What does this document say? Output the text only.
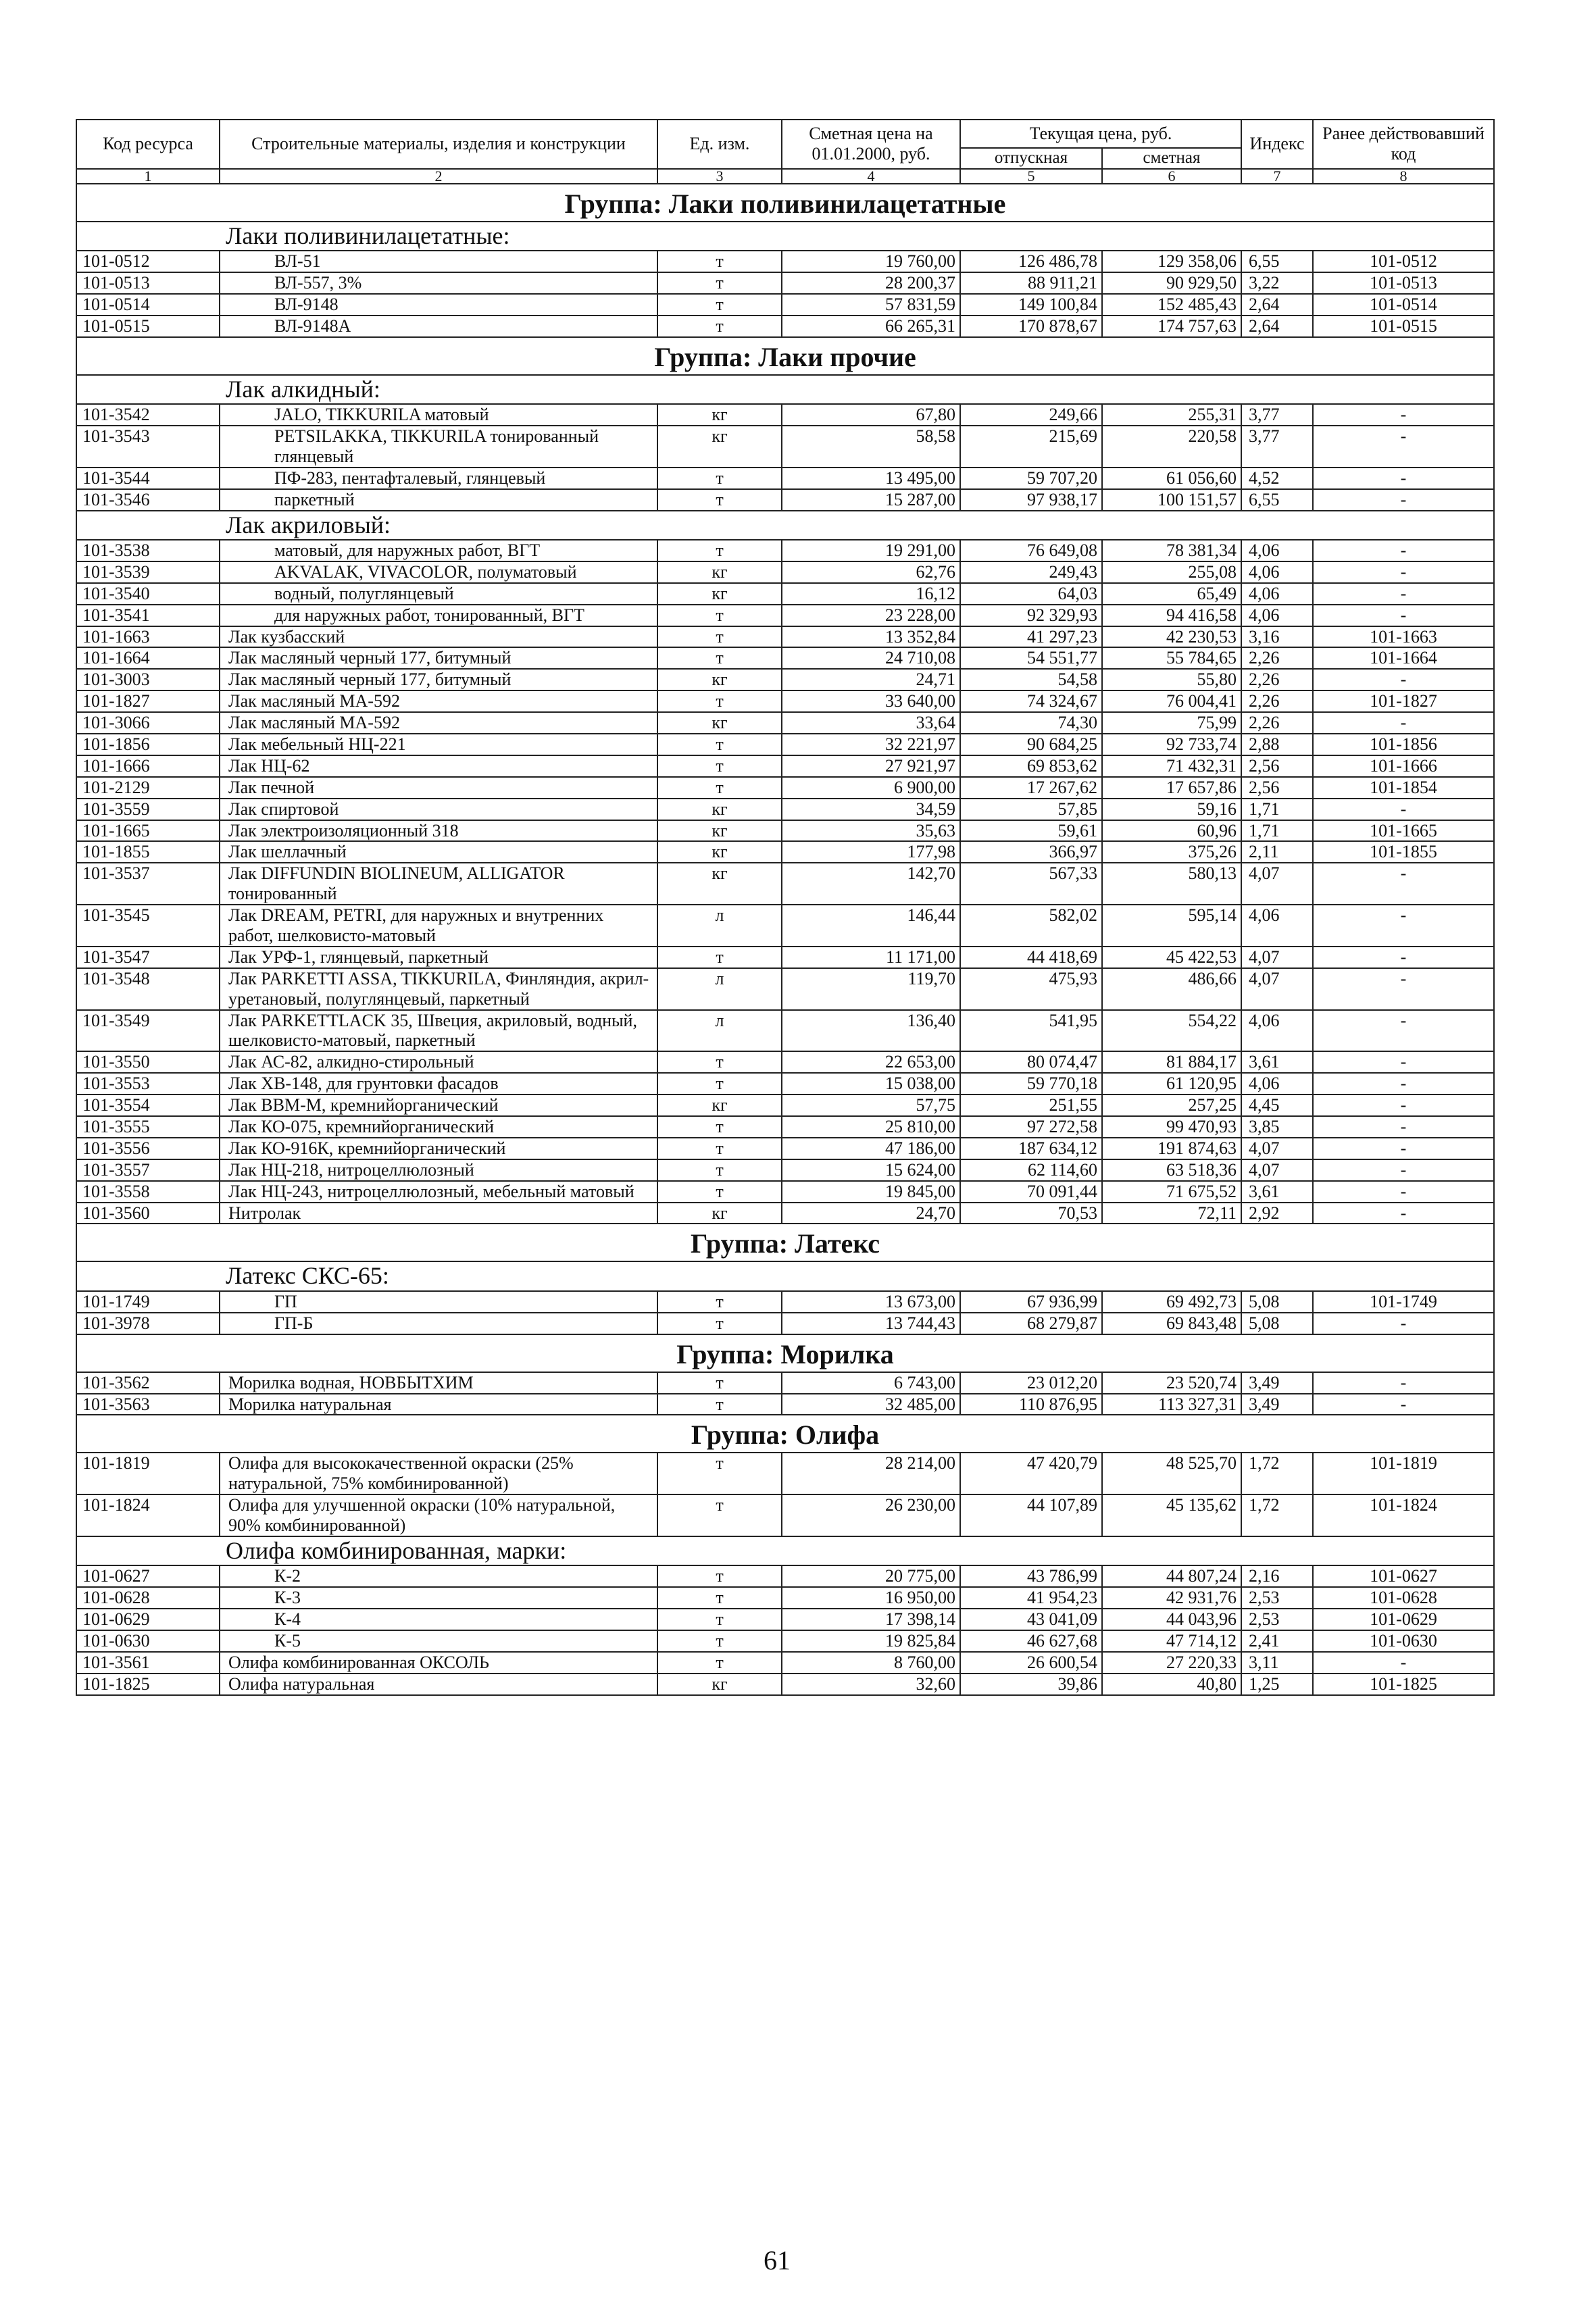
Код ресурса	Строительные материалы, изделия и конструкции	Ед. изм.	Сметная цена на 01.01.2000, руб.	Текущая цена, руб.		Индекс	Ранее действовавший код
				отпускная	сметная		
1	2	3	4	5	6	7	8
Группа: Лаки поливинилацетатные							
Лаки поливинилацетатные:							
101-0512	ВЛ-51	т	19 760,00	126 486,78	129 358,06	6,55	101-0512
101-0513	ВЛ-557, 3%	т	28 200,37	88 911,21	90 929,50	3,22	101-0513
101-0514	ВЛ-9148	т	57 831,59	149 100,84	152 485,43	2,64	101-0514
101-0515	ВЛ-9148А	т	66 265,31	170 878,67	174 757,63	2,64	101-0515
Группа: Лаки прочие							
Лак алкидный:							
101-3542	JALO, TIKKURILA матовый	кг	67,80	249,66	255,31	3,77	-
101-3543	PETSILAKKA, TIKKURILA тонированный глянцевый	кг	58,58	215,69	220,58	3,77	-
101-3544	ПФ-283, пентафталевый, глянцевый	т	13 495,00	59 707,20	61 056,60	4,52	-
101-3546	паркетный	т	15 287,00	97 938,17	100 151,57	6,55	-
Лак акриловый:							
101-3538	матовый, для наружных работ, ВГТ	т	19 291,00	76 649,08	78 381,34	4,06	-
101-3539	AKVALAK, VIVACOLOR, полуматовый	кг	62,76	249,43	255,08	4,06	-
101-3540	водный, полуглянцевый	кг	16,12	64,03	65,49	4,06	-
101-3541	для наружных работ, тонированный, ВГТ	т	23 228,00	92 329,93	94 416,58	4,06	-
101-1663	Лак кузбасский	т	13 352,84	41 297,23	42 230,53	3,16	101-1663
101-1664	Лак масляный черный 177, битумный	т	24 710,08	54 551,77	55 784,65	2,26	101-1664
101-3003	Лак масляный черный 177, битумный	кг	24,71	54,58	55,80	2,26	-
101-1827	Лак масляный МА-592	т	33 640,00	74 324,67	76 004,41	2,26	101-1827
101-3066	Лак масляный МА-592	кг	33,64	74,30	75,99	2,26	-
101-1856	Лак мебельный НЦ-221	т	32 221,97	90 684,25	92 733,74	2,88	101-1856
101-1666	Лак НЦ-62	т	27 921,97	69 853,62	71 432,31	2,56	101-1666
101-2129	Лак печной	т	6 900,00	17 267,62	17 657,86	2,56	101-1854
101-3559	Лак спиртовой	кг	34,59	57,85	59,16	1,71	-
101-1665	Лак электроизоляционный 318	кг	35,63	59,61	60,96	1,71	101-1665
101-1855	Лак шеллачный	кг	177,98	366,97	375,26	2,11	101-1855
101-3537	Лак DIFFUNDIN BIOLINEUM, ALLIGATOR тонированный	кг	142,70	567,33	580,13	4,07	-
101-3545	Лак DREAM, PETRI, для наружных и внутренних работ, шелковисто-матовый	л	146,44	582,02	595,14	4,06	-
101-3547	Лак УРФ-1, глянцевый, паркетный	т	11 171,00	44 418,69	45 422,53	4,07	-
101-3548	Лак PARKETTI ASSA, TIKKURILA, Финляндия, акрил-уретановый, полуглянцевый, паркетный	л	119,70	475,93	486,66	4,07	-
101-3549	Лак PARKETTLACK 35, Швеция, акриловый, водный, шелковисто-матовый, паркетный	л	136,40	541,95	554,22	4,06	-
101-3550	Лак АС-82, алкидно-стирольный	т	22 653,00	80 074,47	81 884,17	3,61	-
101-3553	Лак ХВ-148, для грунтовки фасадов	т	15 038,00	59 770,18	61 120,95	4,06	-
101-3554	Лак ВВМ-М, кремнийорганический	кг	57,75	251,55	257,25	4,45	-
101-3555	Лак КО-075, кремнийорганический	т	25 810,00	97 272,58	99 470,93	3,85	-
101-3556	Лак КО-916К, кремнийорганический	т	47 186,00	187 634,12	191 874,63	4,07	-
101-3557	Лак НЦ-218, нитроцеллюлозный	т	15 624,00	62 114,60	63 518,36	4,07	-
101-3558	Лак НЦ-243, нитроцеллюлозный, мебельный матовый	т	19 845,00	70 091,44	71 675,52	3,61	-
101-3560	Нитролак	кг	24,70	70,53	72,11	2,92	-
Группа: Латекс							
Латекс СКС-65:							
101-1749	ГП	т	13 673,00	67 936,99	69 492,73	5,08	101-1749
101-3978	ГП-Б	т	13 744,43	68 279,87	69 843,48	5,08	-
Группа: Морилка							
101-3562	Морилка водная, НОВБЫТХИМ	т	6 743,00	23 012,20	23 520,74	3,49	-
101-3563	Морилка натуральная	т	32 485,00	110 876,95	113 327,31	3,49	-
Группа: Олифа							
101-1819	Олифа для высококачественной окраски (25% натуральной, 75% комбинированной)	т	28 214,00	47 420,79	48 525,70	1,72	101-1819
101-1824	Олифа для улучшенной окраски (10% натуральной, 90% комбинированной)	т	26 230,00	44 107,89	45 135,62	1,72	101-1824
Олифа комбинированная, марки:							
101-0627	К-2	т	20 775,00	43 786,99	44 807,24	2,16	101-0627
101-0628	К-3	т	16 950,00	41 954,23	42 931,76	2,53	101-0628
101-0629	К-4	т	17 398,14	43 041,09	44 043,96	2,53	101-0629
101-0630	К-5	т	19 825,84	46 627,68	47 714,12	2,41	101-0630
101-3561	Олифа комбинированная ОКСОЛЬ	т	8 760,00	26 600,54	27 220,33	3,11	-
101-1825	Олифа натуральная	кг	32,60	39,86	40,80	1,25	101-1825
61
